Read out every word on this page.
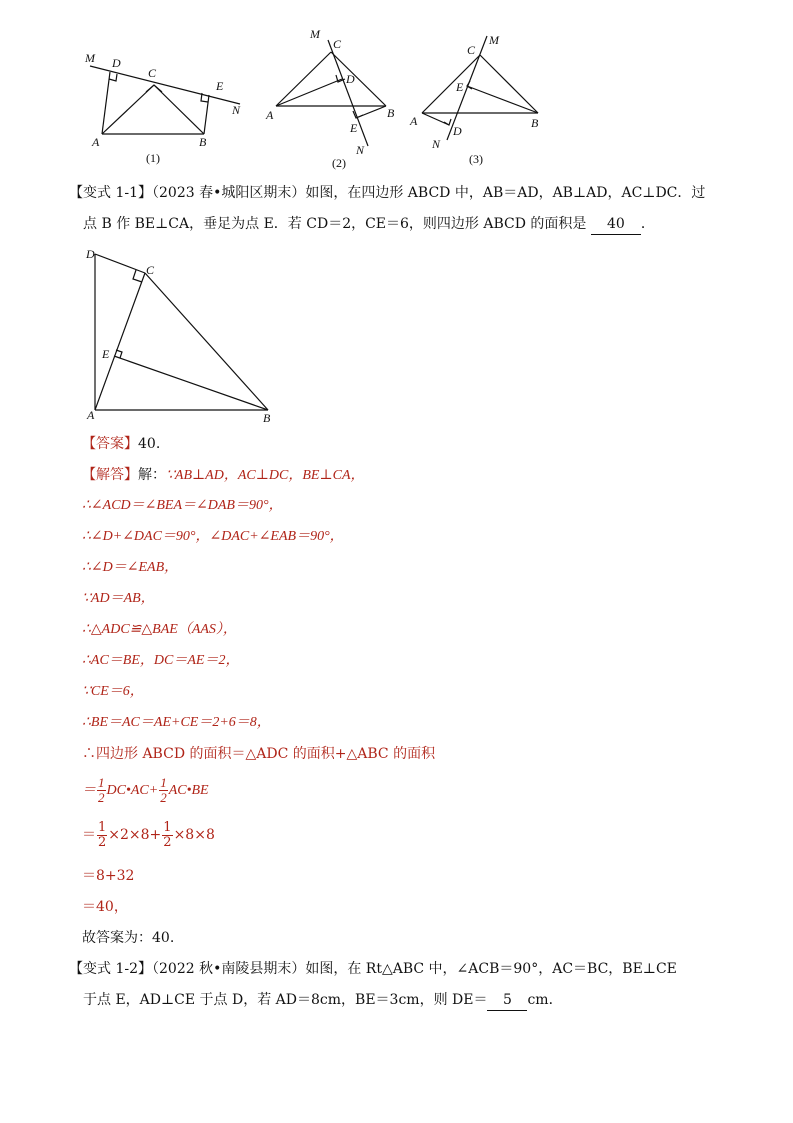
M D
C
E
N
A	B
(1)
M
C
D
A	B
E
N
(2)
C
M
E
A
D
B
N
(3)
【变式 1-1】（2023 春•城阳区期末）如图，在四边形 ABCD 中，AB＝AD，AB⊥AD，AC⊥DC．过
点 B 作 BE⊥CA，垂足为点 E．若 CD＝2，CE＝6，则四边形 ABCD 的面积是 40 ．
D
C
E
A	B
【答案】40.
【解答】解：∵AB⊥AD，AC⊥DC，BE⊥CA，
∴∠ACD＝∠BEA＝∠DAB＝90°，
∴∠D+∠DAC＝90°，∠DAC+∠EAB＝90°，
∴∠D＝∠EAB，
∵AD＝AB，
∴△ADC≌△BAE（AAS），
∴AC＝BE，DC＝AE＝2，
∵CE＝6，
∴BE＝AC＝AE+CE＝2+6＝8，
∴四边形 ABCD 的面积＝△ADC 的面积+△ABC 的面积
＝ $\frac{1}{2}$ DC•AC+ $\frac{1}{2}$ AC•BE
＝ $\frac{1}{2} \times 2\times 8+ \frac{1}{2} \times 8\times 8$
＝8+32
＝40，
故答案为：40.
【变式 1-2】（2022 秋•南陵县期末）如图，在 Rt△ABC 中，∠ACB＝90°，AC＝BC，BE⊥CE
于点 E，AD⊥CE 于点 D，若 AD＝8cm，BE＝3cm，则 DE＝ 5 cm．
